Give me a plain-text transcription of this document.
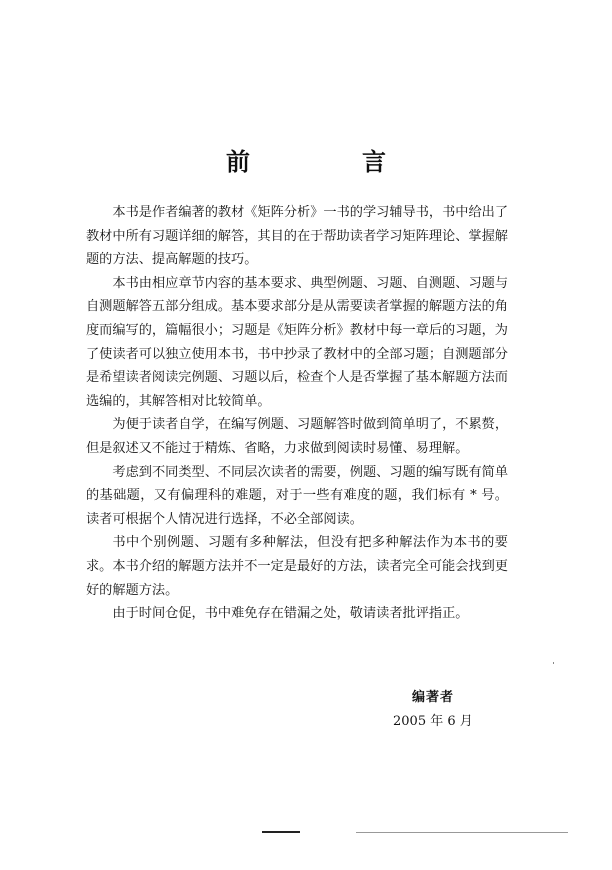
前　言

本书是作者编著的教材《矩阵分析》一书的学习辅导书，书中给出了教材中所有习题详细的解答，其目的在于帮助读者学习矩阵理论、掌握解题的方法、提高解题的技巧。

本书由相应章节内容的基本要求、典型例题、习题、自测题、习题与自测题解答五部分组成。基本要求部分是从需要读者掌握的解题方法的角度而编写的，篇幅很小；习题是《矩阵分析》教材中每一章后的习题，为了使读者可以独立使用本书，书中抄录了教材中的全部习题；自测题部分是希望读者阅读完例题、习题以后，检查个人是否掌握了基本解题方法而选编的，其解答相对比较简单。

为便于读者自学，在编写例题、习题解答时做到简单明了，不累赘，但是叙述又不能过于精炼、省略，力求做到阅读时易懂、易理解。

考虑到不同类型、不同层次读者的需要，例题、习题的编写既有简单的基础题，又有偏理科的难题，对于一些有难度的题，我们标有 * 号。读者可根据个人情况进行选择，不必全部阅读。

书中个别例题、习题有多种解法，但没有把多种解法作为本书的要求。本书介绍的解题方法并不一定是最好的方法，读者完全可能会找到更好的解题方法。

由于时间仓促，书中难免存在错漏之处，敬请读者批评指正。

编著者
2005 年 6 月
